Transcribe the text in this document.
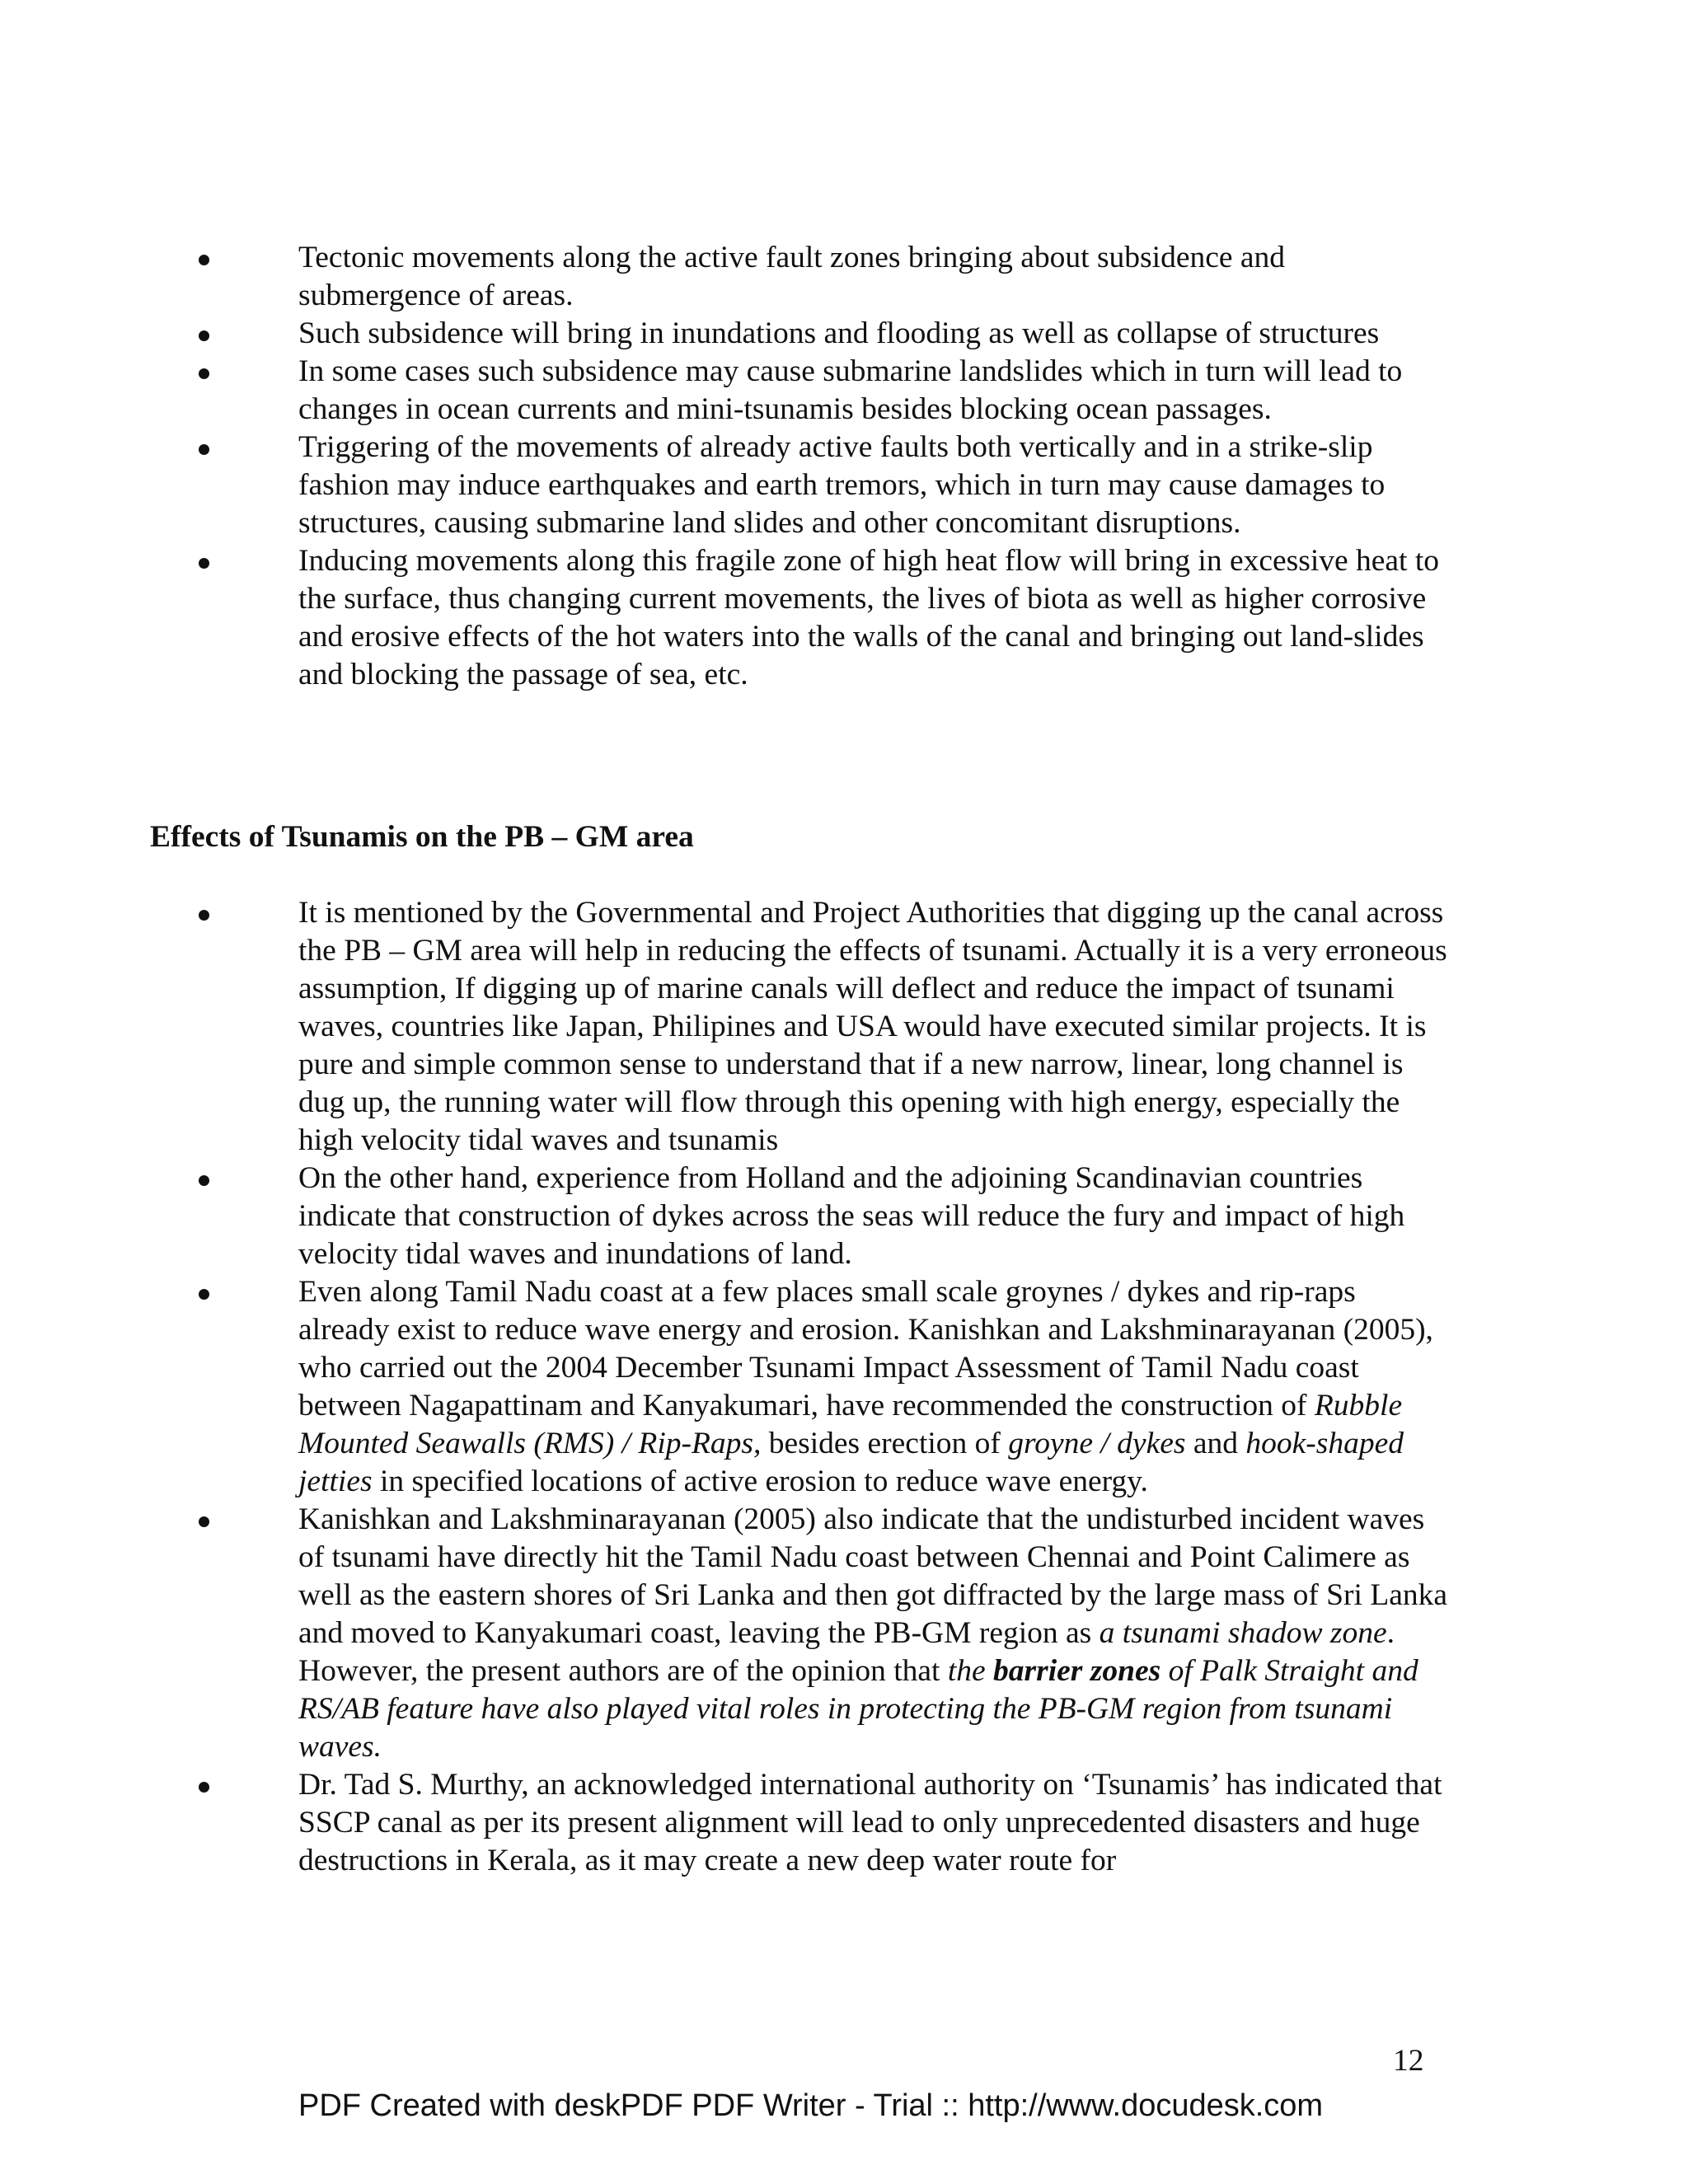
Tectonic movements along the active fault zones bringing about subsidence and submergence of areas.
Such subsidence will bring in inundations and flooding as well as collapse of structures
In some cases such subsidence may cause submarine landslides which in turn will lead to changes in ocean currents and mini-tsunamis besides blocking ocean passages.
Triggering of the movements of already active faults both vertically and in a strike-slip fashion may induce earthquakes and earth tremors, which in turn may cause damages to structures, causing submarine land slides and other concomitant disruptions.
Inducing movements along this fragile zone of high heat flow will bring in excessive heat to the surface, thus changing current movements, the lives of biota as well as higher corrosive and erosive effects of the hot waters into the walls of the canal and bringing out land-slides and blocking the passage of sea, etc.
Effects of Tsunamis on the PB – GM area
It is mentioned by the Governmental and Project Authorities that digging up the canal across the PB – GM area will help in reducing the effects of tsunami. Actually it is a very erroneous assumption, If digging up of marine canals will deflect and reduce the impact of tsunami waves, countries like Japan, Philipines and USA would have executed similar projects. It is pure and simple common sense to understand that if a new narrow, linear, long channel is dug up, the running water will flow through this opening with high energy, especially the high velocity tidal waves and tsunamis
On the other hand, experience from Holland and the adjoining Scandinavian countries indicate that construction of dykes across the seas will reduce the fury and impact of high velocity tidal waves and inundations of land.
Even along Tamil Nadu coast at a few places small scale groynes / dykes and rip-raps already exist to reduce wave energy and erosion. Kanishkan and Lakshminarayanan (2005), who carried out the 2004 December Tsunami Impact Assessment of Tamil Nadu coast between Nagapattinam and Kanyakumari, have recommended the construction of Rubble Mounted Seawalls (RMS) / Rip-Raps, besides erection of groyne / dykes and hook-shaped jetties in specified locations of active erosion to reduce wave energy.
Kanishkan and Lakshminarayanan (2005) also indicate that the undisturbed incident waves of tsunami have directly hit the Tamil Nadu coast between Chennai and Point Calimere as well as the eastern shores of Sri Lanka and then got diffracted by the large mass of Sri Lanka and moved to Kanyakumari coast, leaving the PB-GM region as a tsunami shadow zone. However, the present authors are of the opinion that the barrier zones of Palk Straight and RS/AB feature have also played vital roles in protecting the PB-GM region from tsunami waves.
Dr. Tad S. Murthy, an acknowledged international authority on ‘Tsunamis’ has indicated that SSCP canal as per its present alignment will lead to only unprecedented disasters and huge destructions in Kerala, as it may create a new deep water route for
12
PDF Created with deskPDF PDF Writer - Trial :: http://www.docudesk.com
